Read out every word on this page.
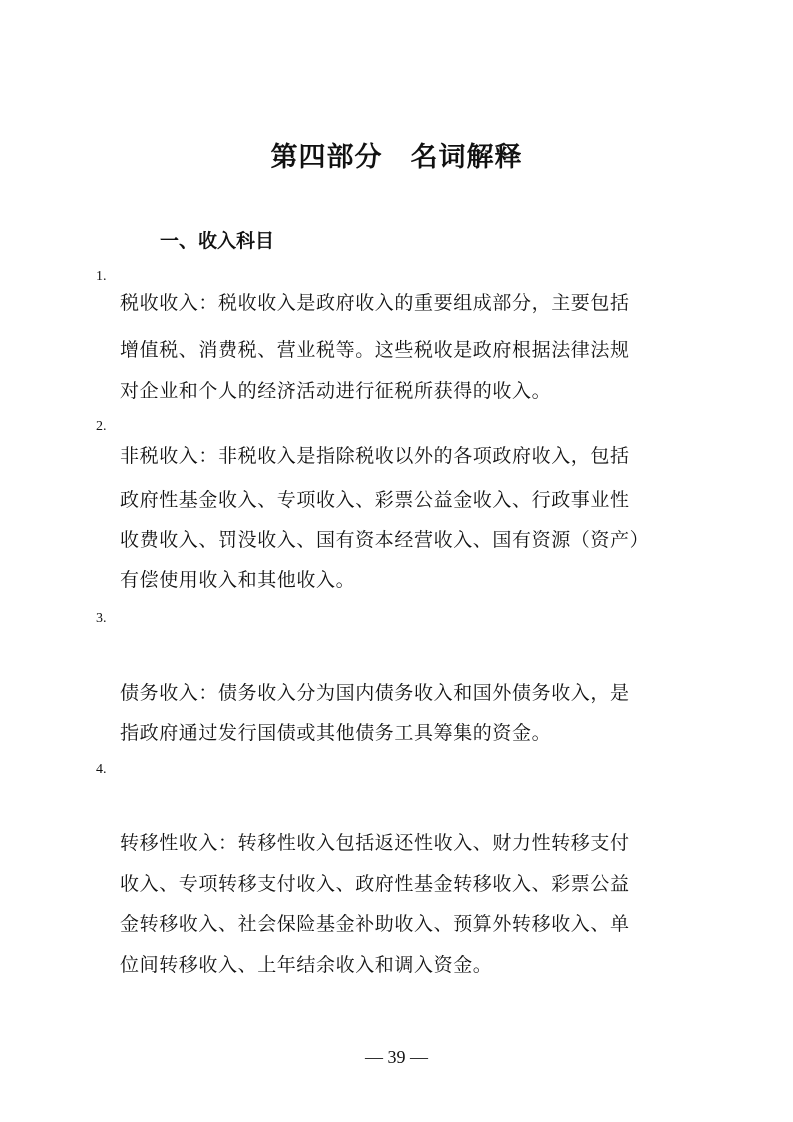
第四部分　名词解释
一、收入科目
1.
税收收入：税收收入是政府收入的重要组成部分，主要包括
增值税、消费税、营业税等。这些税收是政府根据法律法规
对企业和个人的经济活动进行征税所获得的收入。
2.
非税收入：非税收入是指除税收以外的各项政府收入，包括
政府性基金收入、专项收入、彩票公益金收入、行政事业性
收费收入、罚没收入、国有资本经营收入、国有资源（资产）
有偿使用收入和其他收入。
3.
债务收入：债务收入分为国内债务收入和国外债务收入，是
指政府通过发行国债或其他债务工具筹集的资金。
4.
转移性收入：转移性收入包括返还性收入、财力性转移支付
收入、专项转移支付收入、政府性基金转移收入、彩票公益
金转移收入、社会保险基金补助收入、预算外转移收入、单
位间转移收入、上年结余收入和调入资金。
— 39 —
